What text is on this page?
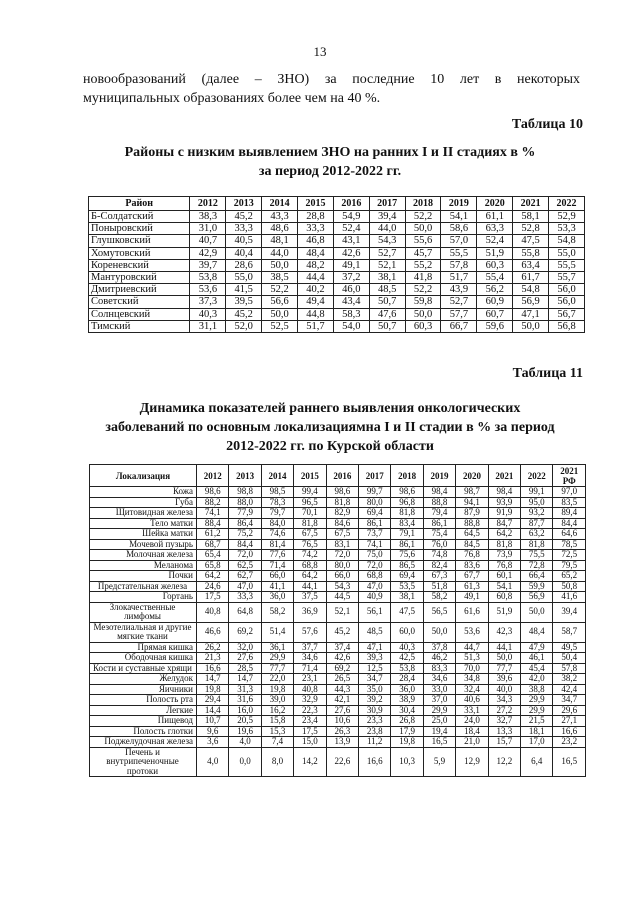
13
новообразований (далее – ЗНО) за последние 10 лет в некоторых
муниципальных образованиях более чем на 40 %.
Таблица 10
Районы с низким выявлением ЗНО на ранних I и II стадиях в %
за период 2012-2022 гг.
Район	2012	2013	2014	2015	2016	2017	2018	2019	2020	2021	2022
Б-Солдатский	38,3	45,2	43,3	28,8	54,9	39,4	52,2	54,1	61,1	58,1	52,9
Поныровский	31,0	33,3	48,6	33,3	52,4	44,0	50,0	58,6	63,3	52,8	53,3
Глушковский	40,7	40,5	48,1	46,8	43,1	54,3	55,6	57,0	52,4	47,5	54,8
Хомутовский	42,9	40,4	44,0	48,4	42,6	52,7	45,7	55,5	51,9	55,8	55,0
Кореневский	39,7	28,6	50,0	48,2	49,1	52,1	55,2	57,8	60,3	63,4	55,5
Мантуровский	53,8	55,0	38,5	44,4	37,2	38,1	41,8	51,7	55,4	61,7	55,7
Дмитриевский	53,6	41,5	52,2	40,2	46,0	48,5	52,2	43,9	56,2	54,8	56,0
Советский	37,3	39,5	56,6	49,4	43,4	50,7	59,8	52,7	60,9	56,9	56,0
Солнцевский	40,3	45,2	50,0	44,8	58,3	47,6	50,0	57,7	60,7	47,1	56,7
Тимский	31,1	52,0	52,5	51,7	54,0	50,7	60,3	66,7	59,6	50,0	56,8
Таблица 11
Динамика показателей раннего выявления онкологических
заболеваний по основным локализациямна I и II стадии в % за период
2012-2022 гг. по Курской области
Локализация	2012	2013	2014	2015	2016	2017	2018	2019	2020	2021	2022	2021 РФ
Кожа	98,6	98,8	98,5	99,4	98,6	99,7	98,6	98,4	98,7	98,4	99,1	97,0
Губа	88,2	88,0	78,3	96,5	81,8	80,0	96,8	88,8	94,1	93,9	95,0	83,5
Щитовидная железа	74,1	77,9	79,7	70,1	82,9	69,4	81,8	79,4	87,9	91,9	93,2	89,4
Тело матки	88,4	86,4	84,0	81,8	84,6	86,1	83,4	86,1	88,8	84,7	87,7	84,4
Шейка матки	61,2	75,2	74,6	67,5	67,5	73,7	79,1	75,4	64,5	64,2	63,2	64,6
Мочевой пузырь	68,7	84,4	81,4	76,5	83,1	74,1	86,1	76,0	84,5	81,8	81,8	78,5
Молочная железа	65,4	72,0	77,6	74,2	72,0	75,0	75,6	74,8	76,8	73,9	75,5	72,5
Меланома	65,8	62,5	71,4	68,8	80,0	72,0	86,5	82,4	83,6	76,8	72,8	79,5
Почки	64,2	62,7	66,0	64,2	66,0	68,8	69,4	67,3	67,7	60,1	66,4	65,2
Предстательная железа	24,6	47,0	41,1	44,1	54,3	47,0	53,5	51,8	61,3	54,1	59,9	50,8
Гортань	17,5	33,3	36,0	37,5	44,5	40,9	38,1	58,2	49,1	60,8	56,9	41,6
Злокачественные лимфомы	40,8	64,8	58,2	36,9	52,1	56,1	47,5	56,5	61,6	51,9	50,0	39,4
Мезотелиальная и другие мягкие ткани	46,6	69,2	51,4	57,6	45,2	48,5	60,0	50,0	53,6	42,3	48,4	58,7
Прямая кишка	26,2	32,0	36,1	37,7	37,4	47,1	40,3	37,8	44,7	44,1	47,9	49,5
Ободочная кишка	21,3	27,6	29,9	34,6	42,6	39,3	42,5	46,2	51,3	50,0	46,1	50,4
Кости и суставные хрящи	16,6	28,5	77,7	71,4	69,2	12,5	53,8	83,3	70,0	77,7	45,4	57,8
Желудок	14,7	14,7	22,0	23,1	26,5	34,7	28,4	34,6	34,8	39,6	42,0	38,2
Яичники	19,8	31,3	19,8	40,8	44,3	35,0	36,0	33,0	32,4	40,0	38,8	42,4
Полость рта	29,4	31,6	39,0	32,9	42,1	39,2	38,9	37,0	40,6	34,3	29,9	34,7
Легкие	14,4	16,0	16,2	22,3	27,6	30,9	30,4	29,9	33,1	27,2	29,9	29,6
Пищевод	10,7	20,5	15,8	23,4	10,6	23,3	26,8	25,0	24,0	32,7	21,5	27,1
Полость глотки	9,6	19,6	15,3	17,5	26,3	23,8	17,9	19,4	18,4	13,3	18,1	16,6
Поджелудочная железа	3,6	4,0	7,4	15,0	13,9	11,2	19,8	16,5	21,0	15,7	17,0	23,2
Печень и внутрипеченочные протоки	4,0	0,0	8,0	14,2	22,6	16,6	10,3	5,9	12,9	12,2	6,4	16,5
